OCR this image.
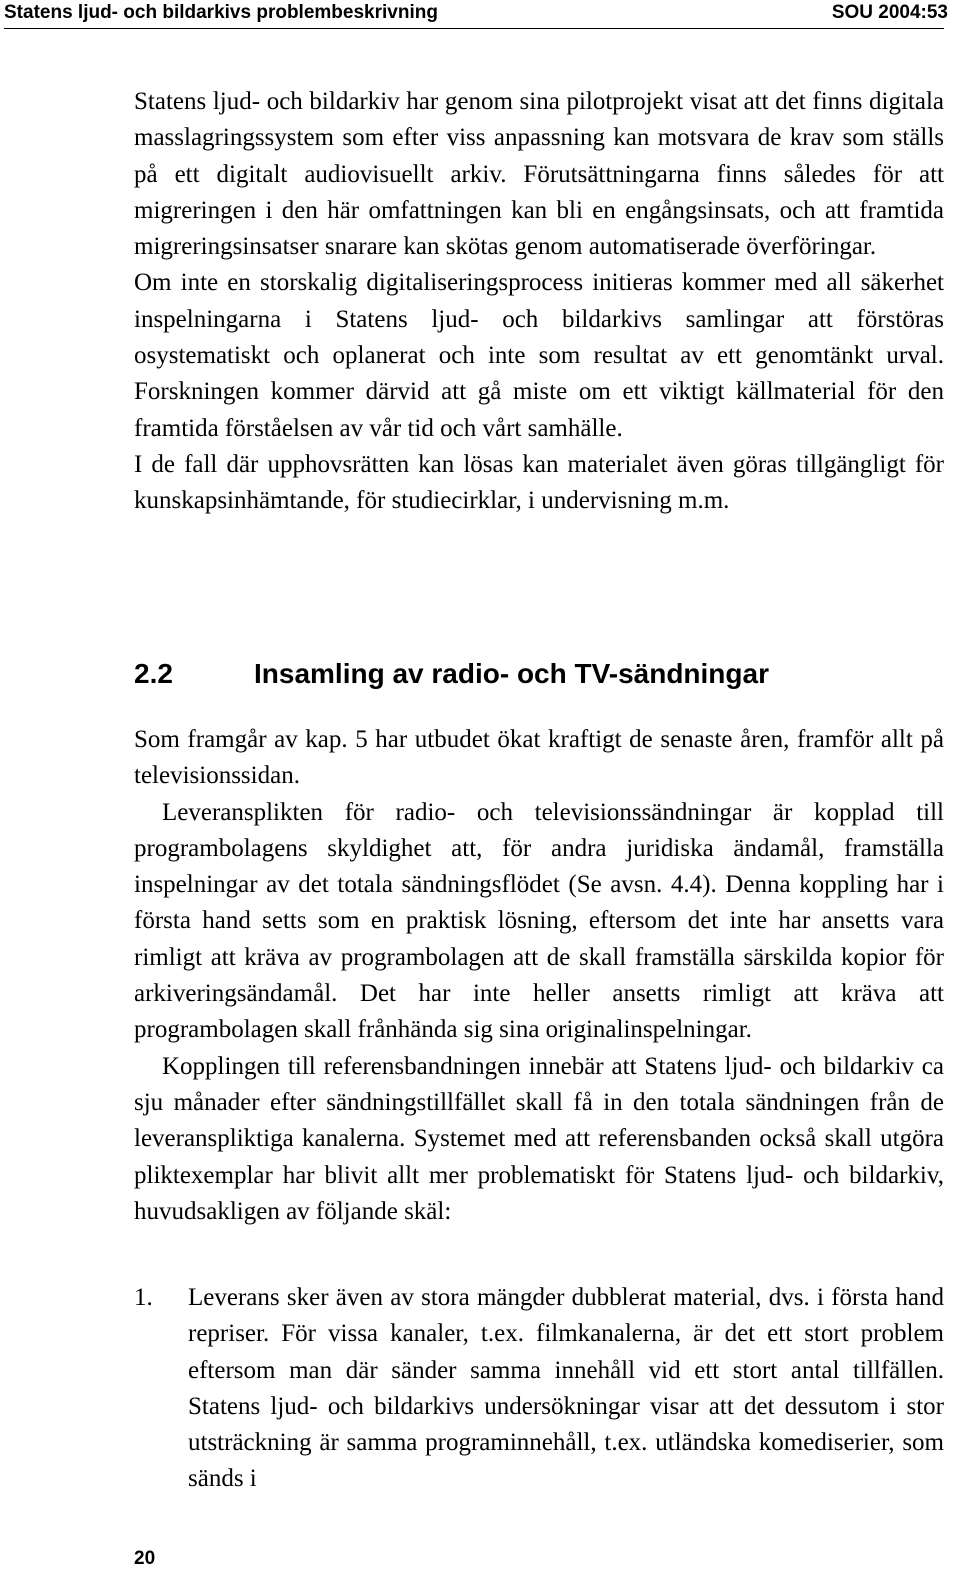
Statens ljud- och bildarkivs problembeskrivning	SOU 2004:53

Statens ljud- och bildarkiv har genom sina pilotprojekt visat att det finns digitala masslagringssystem som efter viss anpassning kan motsvara de krav som ställs på ett digitalt audiovisuellt arkiv. Förutsättningarna finns således för att migreringen i den här omfattningen kan bli en engångsinsats, och att framtida migreringsinsatser snarare kan skötas genom automatiserade överföringar.

Om inte en storskalig digitaliseringsprocess initieras kommer med all säkerhet inspelningarna i Statens ljud- och bildarkivs samlingar att förstöras osystematiskt och oplanerat och inte som resultat av ett genomtänkt urval. Forskningen kommer därvid att gå miste om ett viktigt källmaterial för den framtida förståelsen av vår tid och vårt samhälle.

I de fall där upphovsrätten kan lösas kan materialet även göras tillgängligt för kunskapsinhämtande, för studiecirklar, i undervisning m.m.

2.2	Insamling av radio- och TV-sändningar

Som framgår av kap. 5 har utbudet ökat kraftigt de senaste åren, framför allt på televisionssidan.

Leveransplikten för radio- och televisionssändningar är kopplad till programbolagens skyldighet att, för andra juridiska ändamål, framställa inspelningar av det totala sändningsflödet (Se avsn. 4.4). Denna koppling har i första hand setts som en praktisk lösning, eftersom det inte har ansetts vara rimligt att kräva av programbolagen att de skall framställa särskilda kopior för arkiveringsändamål. Det har inte heller ansetts rimligt att kräva att programbolagen skall frånhända sig sina originalinspelningar.

Kopplingen till referensbandningen innebär att Statens ljud- och bildarkiv ca sju månader efter sändningstillfället skall få in den totala sändningen från de leveranspliktiga kanalerna. Systemet med att referensbanden också skall utgöra pliktexemplar har blivit allt mer problematiskt för Statens ljud- och bildarkiv, huvudsakligen av följande skäl:

1. Leverans sker även av stora mängder dubblerat material, dvs. i första hand repriser. För vissa kanaler, t.ex. filmkanalerna, är det ett stort problem eftersom man där sänder samma innehåll vid ett stort antal tillfällen. Statens ljud- och bildarkivs undersökningar visar att det dessutom i stor utsträckning är samma programinnehåll, t.ex. utländska komediserier, som sänds i
20
